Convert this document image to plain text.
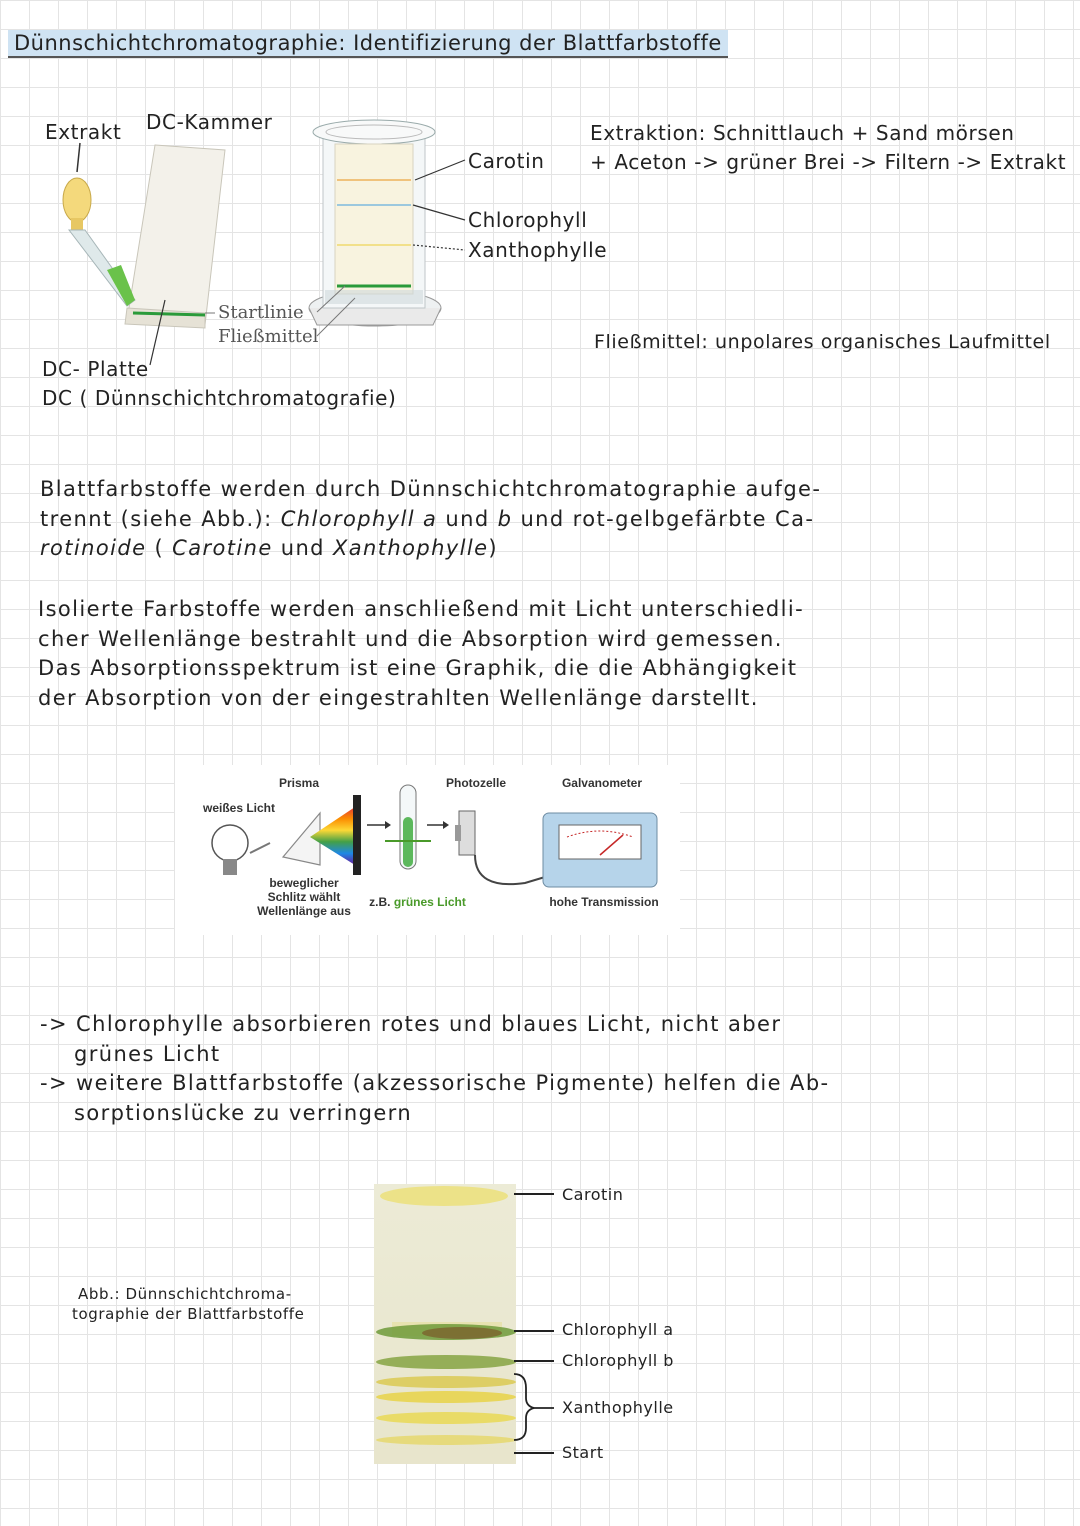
Dünnschichtchromatographie: Identifizierung der Blattfarbstoffe
Extrakt DC-Kammer
Carotin
Chlorophyll
Xanthophylle
Startlinie
Fließmittel
DC- Platte
DC ( Dünnschichtchromatografie)
Extraktion: Schnittlauch + Sand mörsen
+ Aceton -> grüner Brei -> Filtern -> Extrakt
Fließmittel: unpolares organisches Laufmittel
Blattfarbstoffe werden durch Dünnschichtchromatographie aufge-
trennt (siehe Abb.): Chlorophyll a und b und rot-gelbgefärbte Ca-
rotinoide ( Carotine und Xanthophylle)
Isolierte Farbstoffe werden anschließend mit Licht unterschiedli-
cher Wellenlänge bestrahlt und die Absorption wird gemessen.
Das Absorptionsspektrum ist eine Graphik, die die Abhängigkeit
der Absorption von der eingestrahlten Wellenlänge darstellt.
Prisma	Photozelle	Galvanometer
weißes Licht
beweglicher
Schlitz wählt
Wellenlänge aus
z.B. grünes Licht	hohe Transmission
-> Chlorophylle absorbieren rotes und blaues Licht, nicht aber
grünes Licht
-> weitere Blattfarbstoffe (akzessorische Pigmente) helfen die Ab-
sorptionslücke zu verringern
Abb.: Dünnschichtchroma-
tographie der Blattfarbstoffe
Carotin
Chlorophyll a
Chlorophyll b
Xanthophylle
Start
